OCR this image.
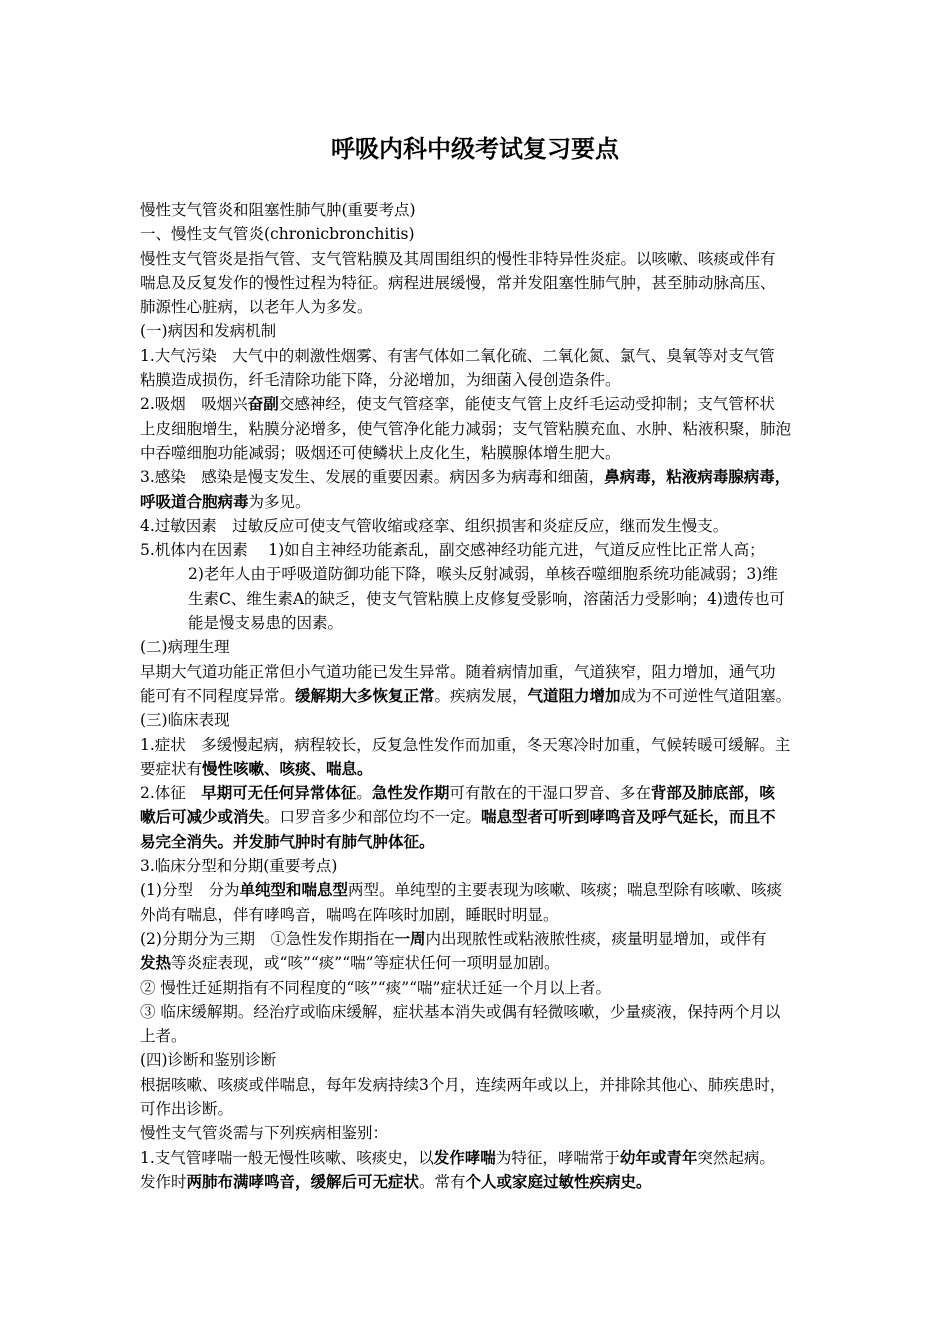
呼吸内科中级考试复习要点

慢性支气管炎和阻塞性肺气肿(重要考点)

一、慢性支气管炎(chronicbronchitis)

慢性支气管炎是指气管、支气管粘膜及其周围组织的慢性非特异性炎症。以咳嗽、咳痰或伴有

喘息及反复发作的慢性过程为特征。病程进展缓慢，常并发阻塞性肺气肿，甚至肺动脉高压、

肺源性心脏病，以老年人为多发。

(一)病因和发病机制

1.大气污染　大气中的刺激性烟雾、有害气体如二氧化硫、二氧化氮、氯气、臭氧等对支气管

粘膜造成损伤，纤毛清除功能下降，分泌增加，为细菌入侵创造条件。

2.吸烟　吸烟兴奋副交感神经，使支气管痉挛，能使支气管上皮纤毛运动受抑制；支气管杯状

上皮细胞增生，粘膜分泌增多，使气管净化能力减弱；支气管粘膜充血、水肿、粘液积聚，肺泡

中吞噬细胞功能减弱；吸烟还可使鳞状上皮化生，粘膜腺体增生肥大。

3.感染　感染是慢支发生、发展的重要因素。病因多为病毒和细菌，鼻病毒，粘液病毒腺病毒，

呼吸道合胞病毒为多见。

4.过敏因素　过敏反应可使支气管收缩或痉挛、组织损害和炎症反应，继而发生慢支。

5.机体内在因素　 1)如自主神经功能紊乱，副交感神经功能亢进，气道反应性比正常人高；

2)老年人由于呼吸道防御功能下降，喉头反射减弱，单核吞噬细胞系统功能减弱；3)维

生素C、维生素A的缺乏，使支气管粘膜上皮修复受影响，溶菌活力受影响；4)遗传也可

能是慢支易患的因素。

(二)病理生理

早期大气道功能正常但小气道功能已发生异常。随着病情加重，气道狭窄，阻力增加，通气功

能可有不同程度异常。缓解期大多恢复正常。疾病发展，气道阻力增加成为不可逆性气道阻塞。

(三)临床表现

1.症状　多缓慢起病，病程较长，反复急性发作而加重，冬天寒冷时加重，气候转暖可缓解。主

要症状有慢性咳嗽、咳痰、喘息。

2.体征　早期可无任何异常体征。急性发作期可有散在的干湿口罗音、多在背部及肺底部，咳

嗽后可减少或消失。口罗音多少和部位均不一定。喘息型者可听到哮鸣音及呼气延长，而且不

易完全消失。并发肺气肿时有肺气肿体征。

3.临床分型和分期(重要考点)

(1)分型　分为单纯型和喘息型两型。单纯型的主要表现为咳嗽、咳痰；喘息型除有咳嗽、咳痰

外尚有喘息，伴有哮鸣音，喘鸣在阵咳时加剧，睡眠时明显。

(2)分期分为三期　①急性发作期指在一周内出现脓性或粘液脓性痰，痰量明显增加，或伴有

发热等炎症表现，或“咳”“痰”“喘”等症状任何一项明显加剧。

② 慢性迁延期指有不同程度的“咳”“痰”“喘”症状迁延一个月以上者。

③ 临床缓解期。经治疗或临床缓解，症状基本消失或偶有轻微咳嗽，少量痰液，保持两个月以

上者。

(四)诊断和鉴别诊断

根据咳嗽、咳痰或伴喘息，每年发病持续3个月，连续两年或以上，并排除其他心、肺疾患时，

可作出诊断。

慢性支气管炎需与下列疾病相鉴别：

1.支气管哮喘一般无慢性咳嗽、咳痰史，以发作哮喘为特征，哮喘常于幼年或青年突然起病。

发作时两肺布满哮鸣音，缓解后可无症状。常有个人或家庭过敏性疾病史。
